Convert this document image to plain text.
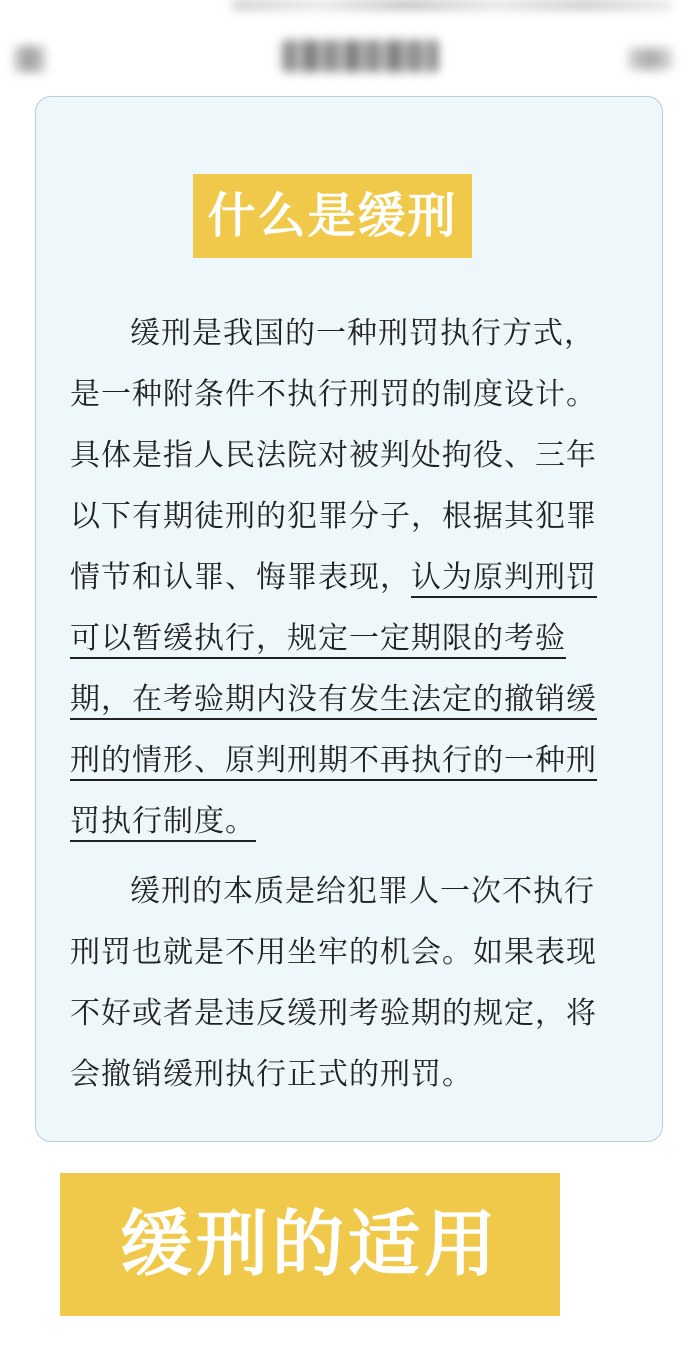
什么是缓刑
缓刑是我国的一种刑罚执行方式，
是一种附条件不执行刑罚的制度设计。
具体是指人民法院对被判处拘役、三年
以下有期徒刑的犯罪分子，根据其犯罪
情节和认罪、悔罪表现，认为原判刑罚
可以暂缓执行，规定一定期限的考验
期，在考验期内没有发生法定的撤销缓
刑的情形、原判刑期不再执行的一种刑
罚执行制度。
缓刑的本质是给犯罪人一次不执行
刑罚也就是不用坐牢的机会。如果表现
不好或者是违反缓刑考验期的规定，将
会撤销缓刑执行正式的刑罚。
缓刑的适用
